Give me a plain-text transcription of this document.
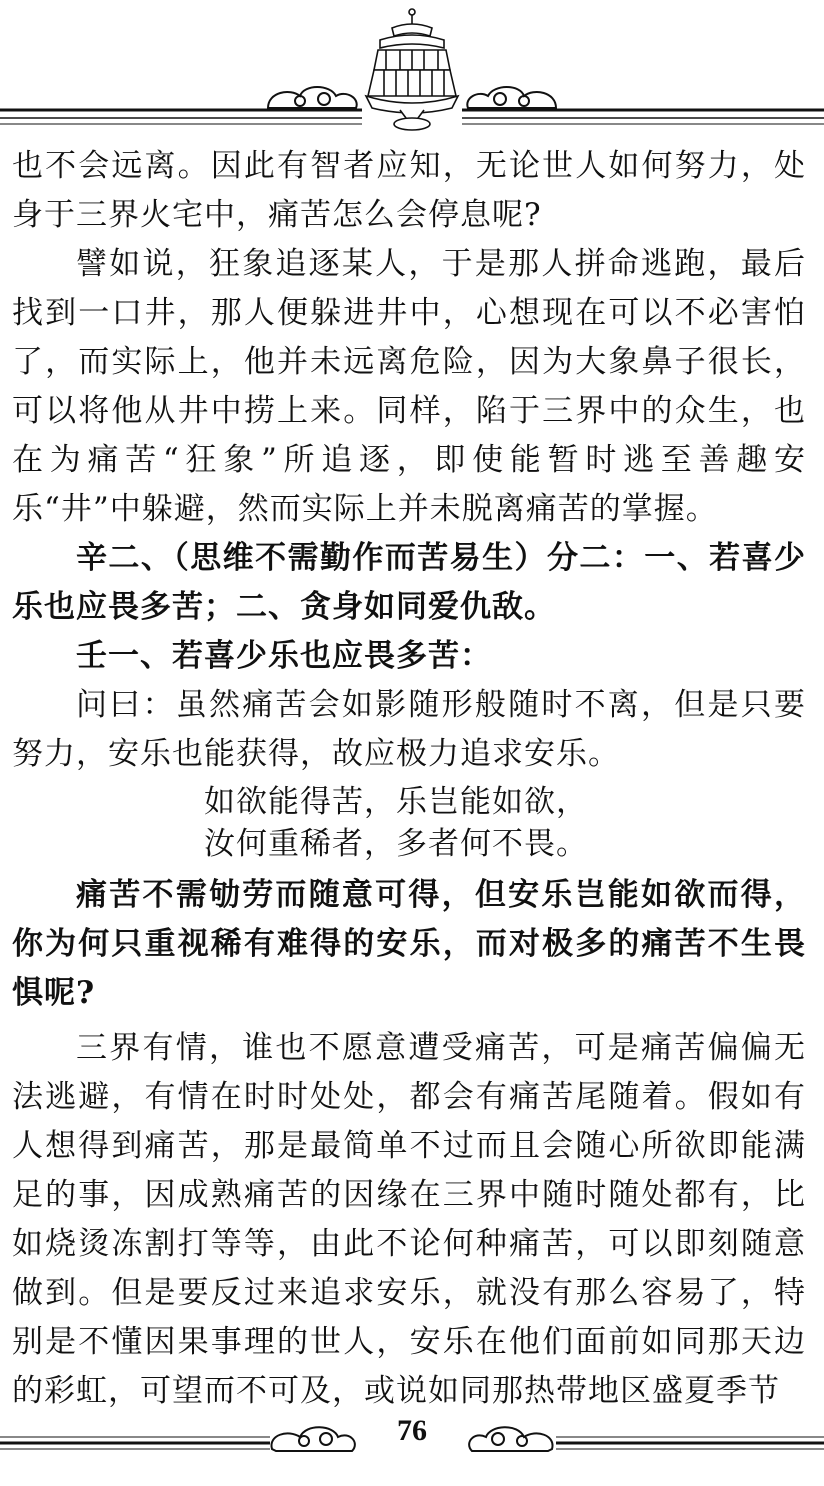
也不会远离。因此有智者应知，无论世人如何努力，处身于三界火宅中，痛苦怎么会停息呢?

譬如说，狂象追逐某人，于是那人拼命逃跑，最后找到一口井，那人便躲进井中，心想现在可以不必害怕了，而实际上，他并未远离危险，因为大象鼻子很长，可以将他从井中捞上来。同样，陷于三界中的众生，也在为痛苦“狂象”所追逐，即使能暂时逃至善趣安乐“井”中躲避，然而实际上并未脱离痛苦的掌握。

辛二、（思维不需勤作而苦易生）分二：一、若喜少乐也应畏多苦；二、贪身如同爱仇敌。

壬一、若喜少乐也应畏多苦：

问曰：虽然痛苦会如影随形般随时不离，但是只要努力，安乐也能获得，故应极力追求安乐。

如欲能得苦，乐岂能如欲，
汝何重稀者，多者何不畏。

痛苦不需劬劳而随意可得，但安乐岂能如欲而得，你为何只重视稀有难得的安乐，而对极多的痛苦不生畏惧呢?

三界有情，谁也不愿意遭受痛苦，可是痛苦偏偏无法逃避，有情在时时处处，都会有痛苦尾随着。假如有人想得到痛苦，那是最简单不过而且会随心所欲即能满足的事，因成熟痛苦的因缘在三界中随时随处都有，比如烧烫冻割打等等，由此不论何种痛苦，可以即刻随意做到。但是要反过来追求安乐，就没有那么容易了，特别是不懂因果事理的世人，安乐在他们面前如同那天边的彩虹，可望而不可及，或说如同那热带地区盛夏季节

76
